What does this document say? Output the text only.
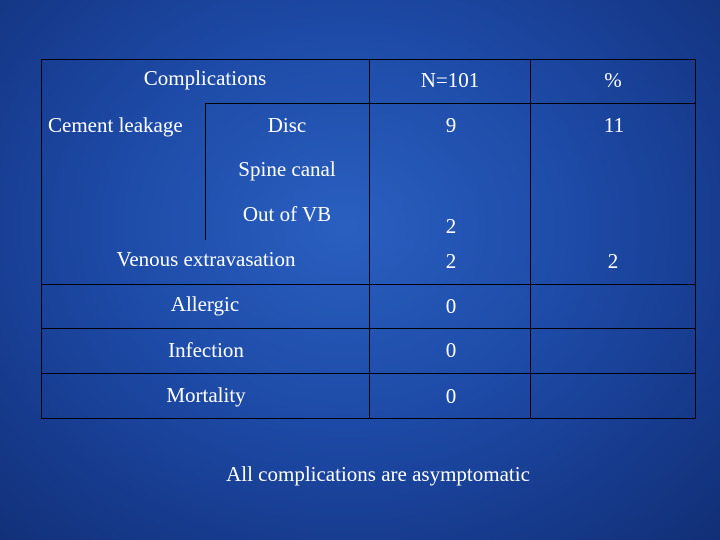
Complications	N=101	%
Cement leakage	Disc	9	11
Spine canal
Out of VB	2
Venous extravasation	2	2
Allergic	0
Infection	0
Mortality	0
All complications are asymptomatic
